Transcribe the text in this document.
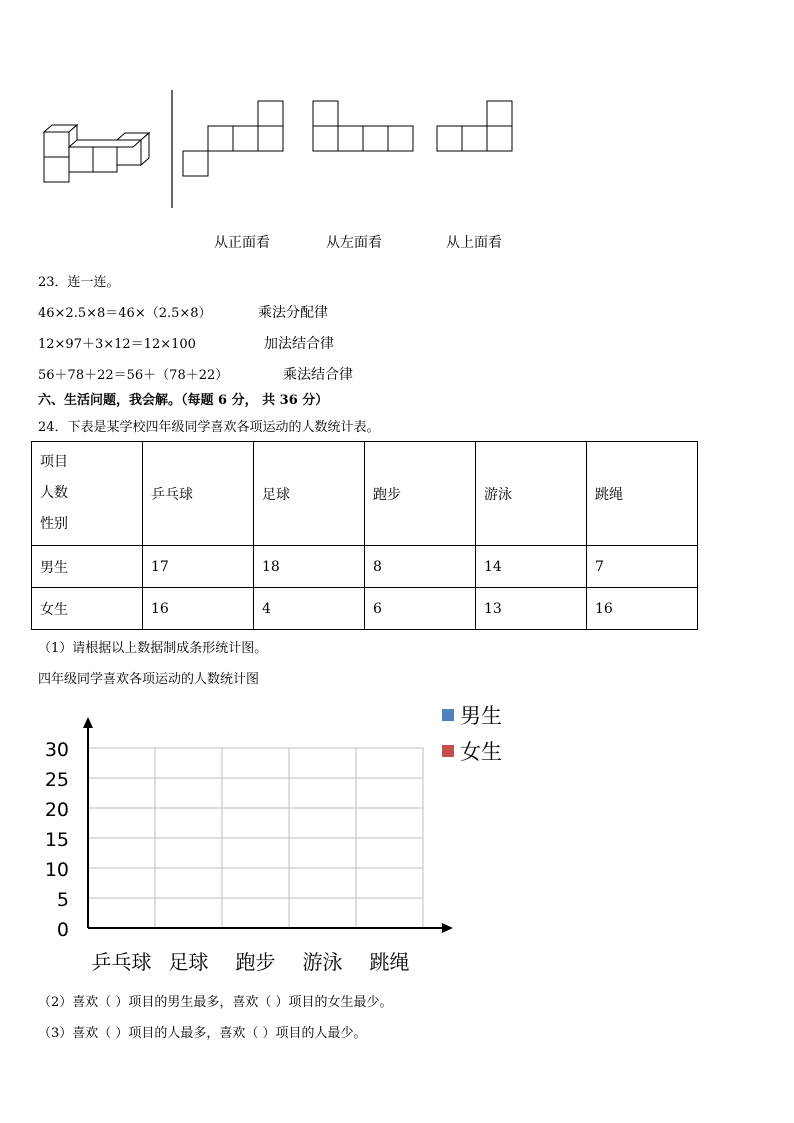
从正面看	从左面看	从上面看
23．连一连。
46×2.5×8＝46×（2.5×8）	乘法分配律
12×97＋3×12＝12×100	加法结合律
56＋78＋22＝56＋（78＋22）	乘法结合律
六、生活问题，我会解。（每题 6 分， 共 36 分）
24．下表是某学校四年级同学喜欢各项运动的人数统计表。
项目
人数
性别	乒乓球	足球	跑步	游泳	跳绳
男生	17	18	8	14	7
女生	16	4	6	13	16
（1）请根据以上数据制成条形统计图。
四年级同学喜欢各项运动的人数统计图
0
5
10
15
20
25
30
乒乓球 足球 跑步 游泳 跳绳
男生
女生
（2）喜欢（ ）项目的男生最多，喜欢（ ）项目的女生最少。
（3）喜欢（ ）项目的人最多，喜欢（ ）项目的人最少。
